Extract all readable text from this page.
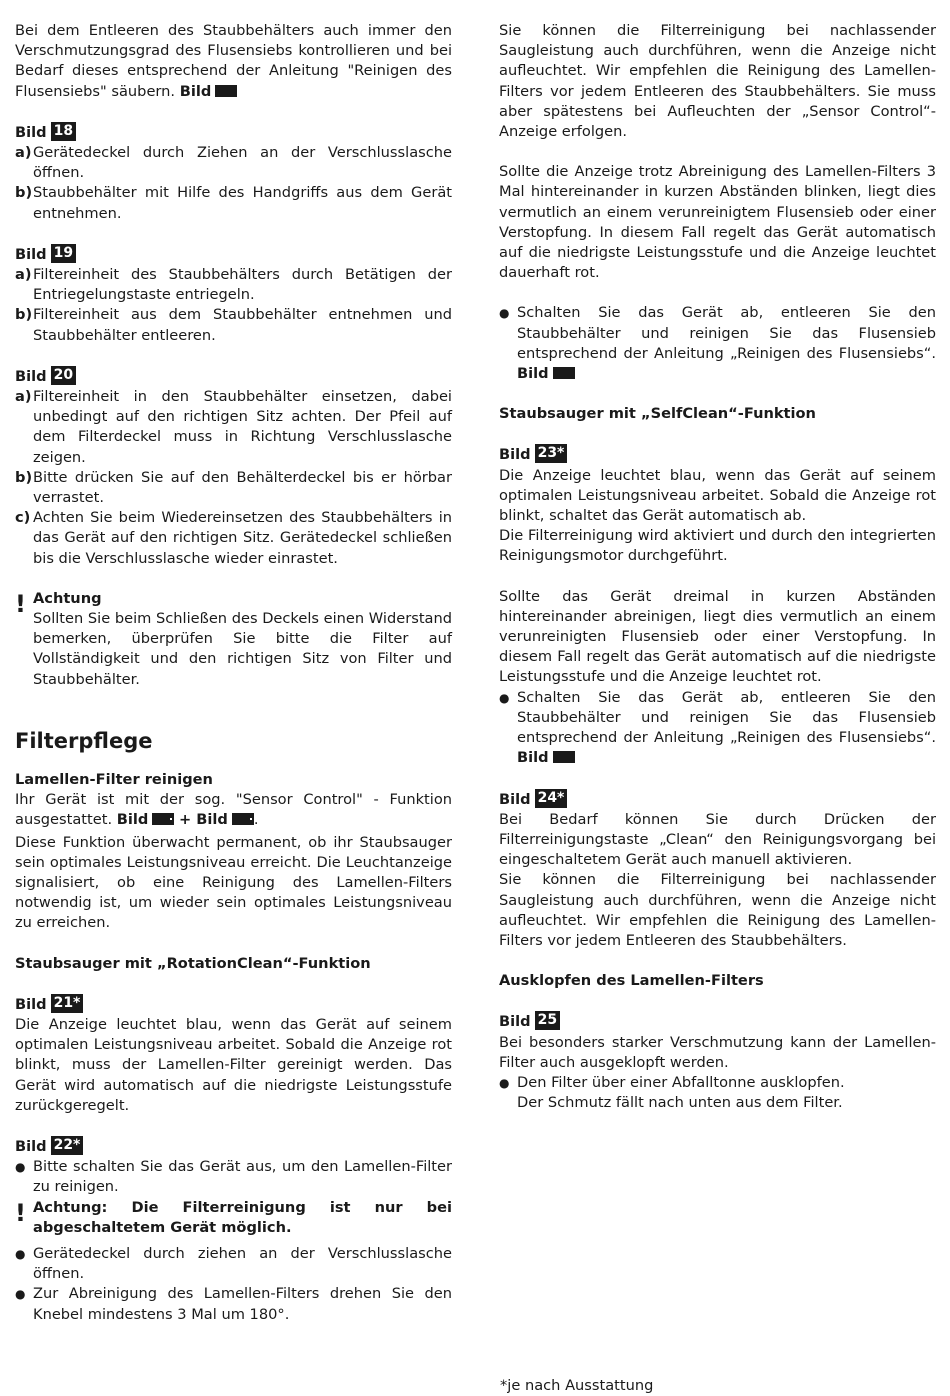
Bei dem Entleeren des Staubbehälters auch immer den Verschmutzungsgrad des Flusensiebs kontrollieren und bei Bedarf dieses entsprechend der Anleitung "Reinigen des Flusensiebs" säubern. Bild

Bild 18
a) Gerätedeckel durch Ziehen an der Verschlusslasche öffnen.
b) Staubbehälter mit Hilfe des Handgriffs aus dem Gerät entnehmen.
Bild 19
a) Filtereinheit des Staubbehälters durch Betätigen der Entriegelungstaste entriegeln.
b) Filtereinheit aus dem Staubbehälter entnehmen und Staubbehälter entleeren.
Bild 20
a) Filtereinheit in den Staubbehälter einsetzen, dabei unbedingt auf den richtigen Sitz achten. Der Pfeil auf dem Filterdeckel muss in Richtung Verschlusslasche zeigen.
b) Bitte drücken Sie auf den Behälterdeckel bis er hörbar verrastet.
c) Achten Sie beim Wiedereinsetzen des Staubbehälters in das Gerät auf den richtigen Sitz. Gerätedeckel schließen bis die Verschlusslasche wieder einrastet.
! Achtung
Sollten Sie beim Schließen des Deckels einen Widerstand bemerken, überprüfen Sie bitte die Filter auf Vollständigkeit und den richtigen Sitz von Filter und Staubbehälter.
Filterpflege
Lamellen-Filter reinigen

Ihr Gerät ist mit der sog. "Sensor Control" - Funktion ausgestattet. Bild + Bild .

Diese Funktion überwacht permanent, ob ihr Staubsauger sein optimales Leistungsniveau erreicht. Die Leuchtanzeige signalisiert, ob eine Reinigung des Lamellen-Filters notwendig ist, um wieder sein optimales Leistungsniveau zu erreichen.

Staubsauger mit „RotationClean“-Funktion
Bild 21*

Die Anzeige leuchtet blau, wenn das Gerät auf seinem optimalen Leistungsniveau arbeitet. Sobald die Anzeige rot blinkt, muss der Lamellen-Filter gereinigt werden. Das Gerät wird automatisch auf die niedrigste Leistungsstufe zurückgeregelt.

Bild 22*
● Bitte schalten Sie das Gerät aus, um den Lamellen-Filter zu reinigen.
! Achtung: Die Filterreinigung ist nur bei abgeschaltetem Gerät möglich.
● Gerätedeckel durch ziehen an der Verschlusslasche öffnen.
● Zur Abreinigung des Lamellen-Filters drehen Sie den Knebel mindestens 3 Mal um 180°.

Sie können die Filterreinigung bei nachlassender Saugleistung auch durchführen, wenn die Anzeige nicht aufleuchtet. Wir empfehlen die Reinigung des Lamellen-Filters vor jedem Entleeren des Staubbehälters. Sie muss aber spätestens bei Aufleuchten der „Sensor Control“-Anzeige erfolgen.

Sollte die Anzeige trotz Abreinigung des Lamellen-Filters 3 Mal hintereinander in kurzen Abständen blinken, liegt dies vermutlich an einem verunreinigtem Flusensieb oder einer Verstopfung. In diesem Fall regelt das Gerät automatisch auf die niedrigste Leistungsstufe und die Anzeige leuchtet dauerhaft rot.

● Schalten Sie das Gerät ab, entleeren Sie den Staubbehälter und reinigen Sie das Flusensieb entsprechend der Anleitung „Reinigen des Flusensiebs“. Bild
Staubsauger mit „SelfClean“-Funktion
Bild 23*

Die Anzeige leuchtet blau, wenn das Gerät auf seinem optimalen Leistungsniveau arbeitet. Sobald die Anzeige rot blinkt, schaltet das Gerät automatisch ab.

Die Filterreinigung wird aktiviert und durch den integrierten Reinigungsmotor durchgeführt.

Sollte das Gerät dreimal in kurzen Abständen hintereinander abreinigen, liegt dies vermutlich an einem verunreinigten Flusensieb oder einer Verstopfung. In diesem Fall regelt das Gerät automatisch auf die niedrigste Leistungsstufe und die Anzeige leuchtet rot.

● Schalten Sie das Gerät ab, entleeren Sie den Staubbehälter und reinigen Sie das Flusensieb entsprechend der Anleitung „Reinigen des Flusensiebs“. Bild
Bild 24*

Bei Bedarf können Sie durch Drücken der Filterreinigungstaste „Clean“ den Reinigungsvorgang bei eingeschaltetem Gerät auch manuell aktivieren.

Sie können die Filterreinigung bei nachlassender Saugleistung auch durchführen, wenn die Anzeige nicht aufleuchtet. Wir empfehlen die Reinigung des Lamellen-Filters vor jedem Entleeren des Staubbehälters.

Ausklopfen des Lamellen-Filters
Bild 25

Bei besonders starker Verschmutzung kann der Lamellen-Filter auch ausgeklopft werden.

● Den Filter über einer Abfalltonne ausklopfen.
Der Schmutz fällt nach unten aus dem Filter.
*je nach Ausstattung
